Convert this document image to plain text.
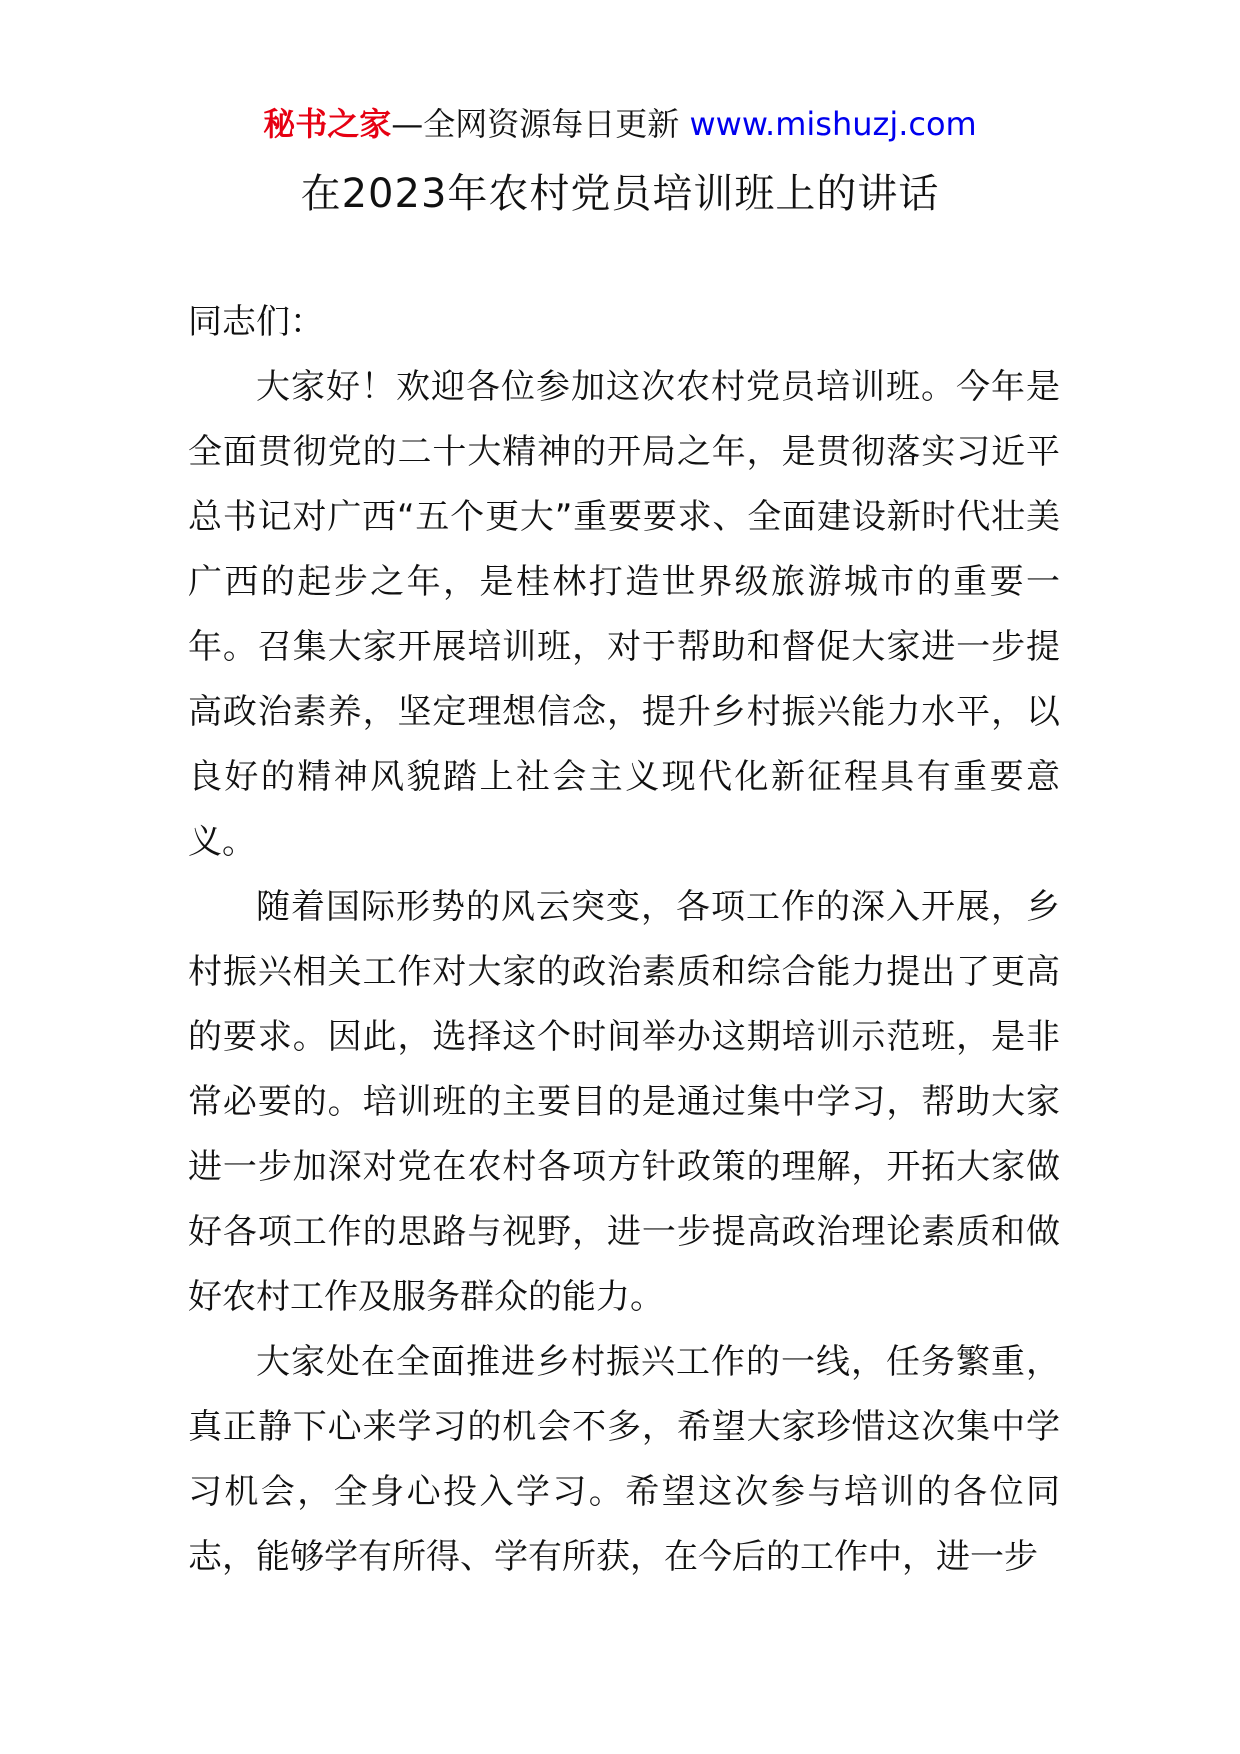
秘书之家—全网资源每日更新 www.mishuzj.com
在2023年农村党员培训班上的讲话

同志们：

大家好！欢迎各位参加这次农村党员培训班。今年是全面贯彻党的二十大精神的开局之年，是贯彻落实习近平总书记对广西“五个更大”重要要求、全面建设新时代壮美广西的起步之年，是桂林打造世界级旅游城市的重要一年。召集大家开展培训班，对于帮助和督促大家进一步提高政治素养，坚定理想信念，提升乡村振兴能力水平，以良好的精神风貌踏上社会主义现代化新征程具有重要意义。

随着国际形势的风云突变，各项工作的深入开展，乡村振兴相关工作对大家的政治素质和综合能力提出了更高的要求。因此，选择这个时间举办这期培训示范班，是非常必要的。培训班的主要目的是通过集中学习，帮助大家进一步加深对党在农村各项方针政策的理解，开拓大家做好各项工作的思路与视野，进一步提高政治理论素质和做好农村工作及服务群众的能力。

大家处在全面推进乡村振兴工作的一线，任务繁重，真正静下心来学习的机会不多，希望大家珍惜这次集中学习机会，全身心投入学习。希望这次参与培训的各位同志，能够学有所得、学有所获，在今后的工作中，进一步
